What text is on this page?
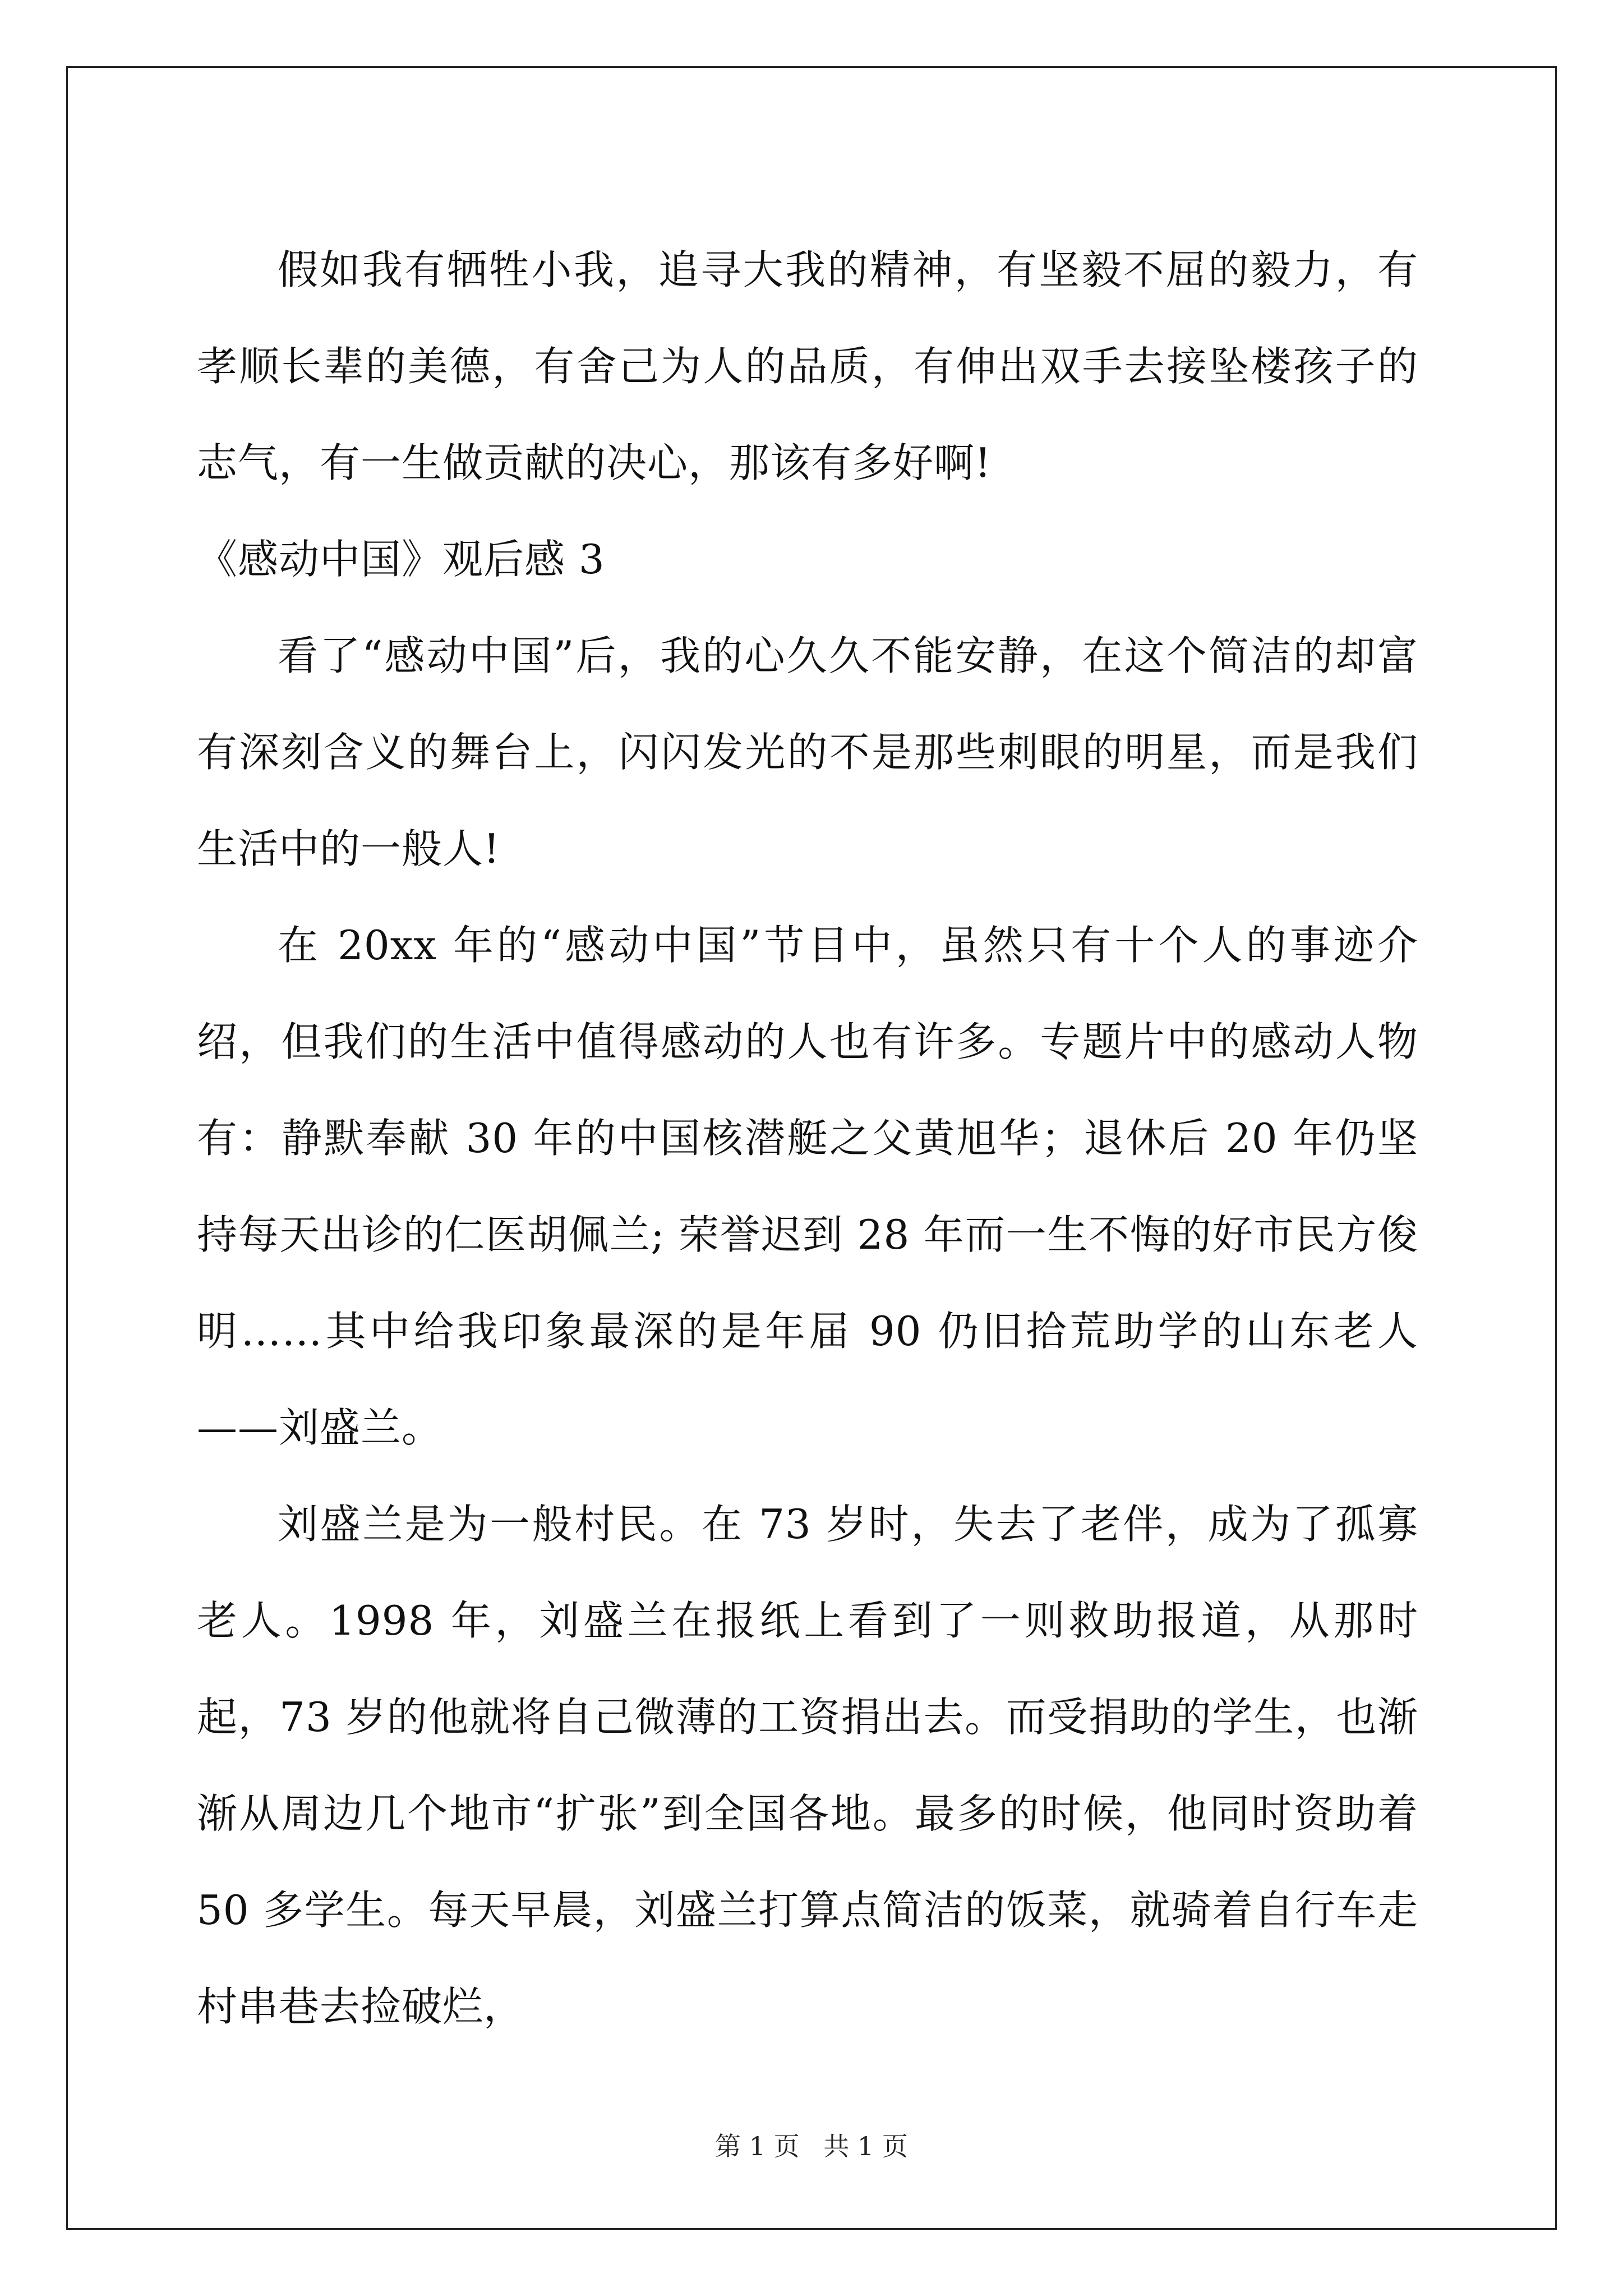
假如我有牺牲小我，追寻大我的精神，有坚毅不屈的毅力，有孝顺长辈的美德，有舍己为人的品质，有伸出双手去接坠楼孩子的志气，有一生做贡献的决心，那该有多好啊!

《感动中国》观后感 3

看了“感动中国”后，我的心久久不能安静，在这个简洁的却富有深刻含义的舞台上，闪闪发光的不是那些刺眼的明星，而是我们生活中的一般人!

在 20xx 年的“感动中国”节目中，虽然只有十个人的事迹介绍，但我们的生活中值得感动的人也有许多。专题片中的感动人物有：静默奉献 30 年的中国核潜艇之父黄旭华；退休后 20 年仍坚持每天出诊的仁医胡佩兰; 荣誉迟到 28 年而一生不悔的好市民方俊明……其中给我印象最深的是年届 90 仍旧拾荒助学的山东老人——刘盛兰。

刘盛兰是为一般村民。在 73 岁时，失去了老伴，成为了孤寡老人。1998 年，刘盛兰在报纸上看到了一则救助报道，从那时起，73 岁的他就将自己微薄的工资捐出去。而受捐助的学生，也渐渐从周边几个地市“扩张”到全国各地。最多的时候，他同时资助着 50 多学生。每天早晨，刘盛兰打算点简洁的饭菜，就骑着自行车走村串巷去捡破烂，

第 1 页 共 1 页
